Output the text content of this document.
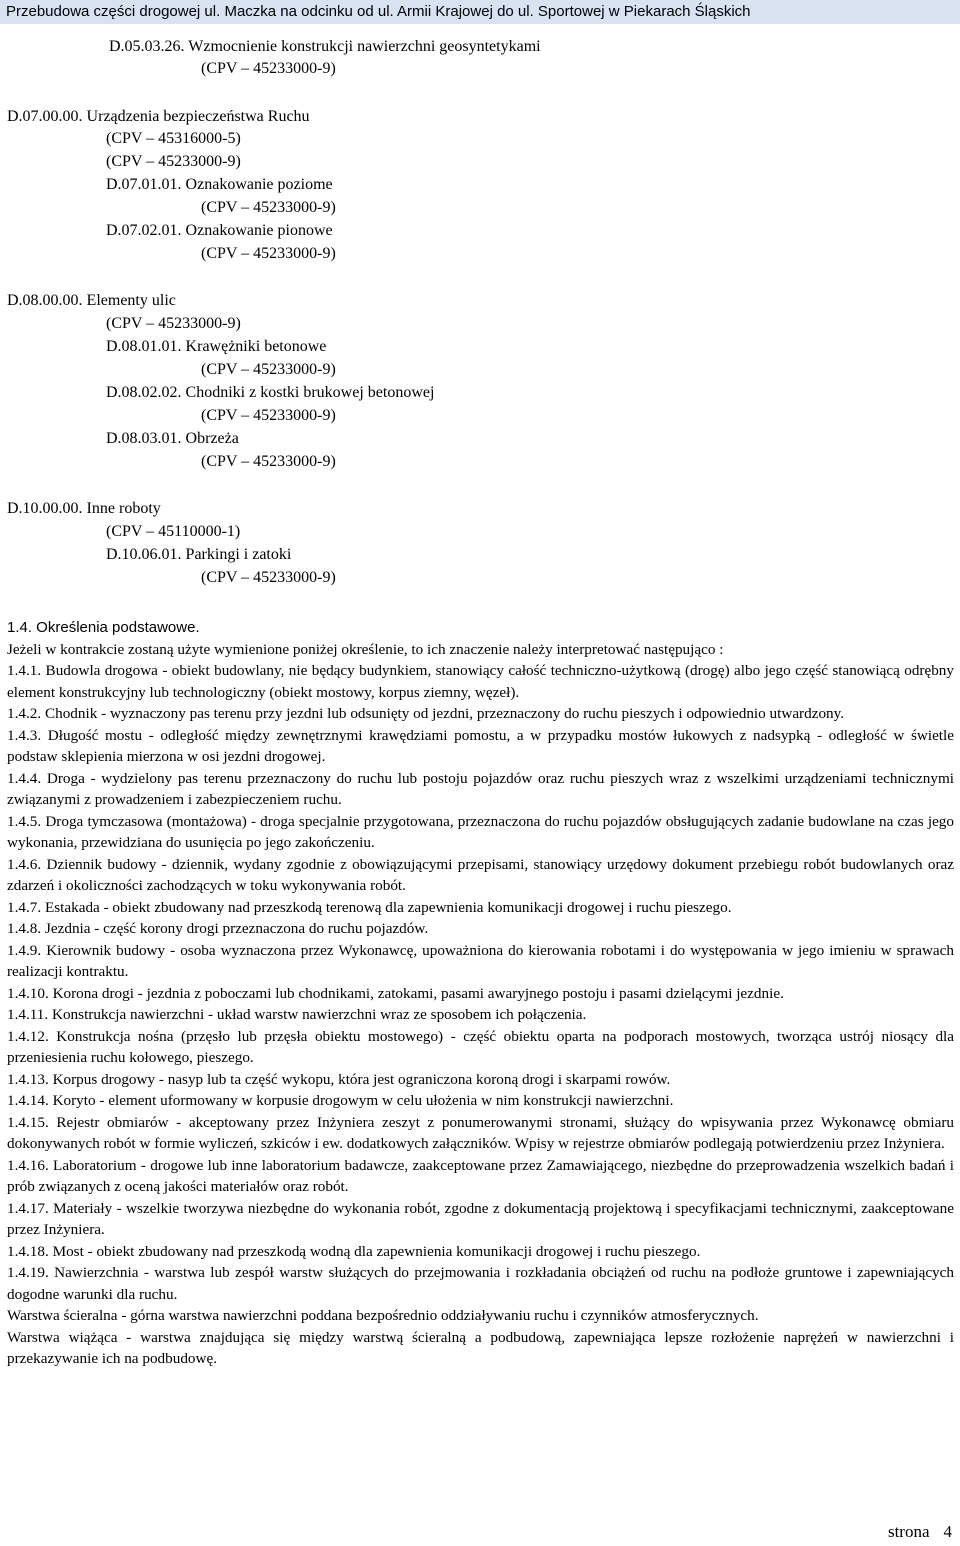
Przebudowa części drogowej ul. Maczka na odcinku od ul. Armii Krajowej do ul. Sportowej w Piekarach Śląskich
D.05.03.26. Wzmocnienie konstrukcji nawierzchni geosyntetykami
(CPV – 45233000-9)
D.07.00.00. Urządzenia bezpieczeństwa Ruchu
(CPV – 45316000-5)
(CPV – 45233000-9)
D.07.01.01. Oznakowanie poziome
(CPV – 45233000-9)
D.07.02.01. Oznakowanie pionowe
(CPV – 45233000-9)
D.08.00.00. Elementy ulic
(CPV – 45233000-9)
D.08.01.01. Krawężniki betonowe
(CPV – 45233000-9)
D.08.02.02. Chodniki z kostki brukowej betonowej
(CPV – 45233000-9)
D.08.03.01. Obrzeża
(CPV – 45233000-9)
D.10.00.00. Inne roboty
(CPV – 45110000-1)
D.10.06.01. Parkingi i zatoki
(CPV – 45233000-9)

1.4. Określenia podstawowe.

Jeżeli w kontrakcie zostaną użyte wymienione poniżej określenie, to ich znaczenie należy interpretować następująco :

1.4.1. Budowla drogowa - obiekt budowlany, nie będący budynkiem, stanowiący całość techniczno-użytkową (drogę) albo jego część stanowiącą odrębny element konstrukcyjny lub technologiczny (obiekt mostowy, korpus ziemny, węzeł).

1.4.2. Chodnik - wyznaczony pas terenu przy jezdni lub odsunięty od jezdni, przeznaczony do ruchu pieszych i odpowiednio utwardzony.

1.4.3. Długość mostu - odległość między zewnętrznymi krawędziami pomostu, a w przypadku mostów łukowych z nadsypką - odległość w świetle podstaw sklepienia mierzona w osi jezdni drogowej.

1.4.4. Droga - wydzielony pas terenu przeznaczony do ruchu lub postoju pojazdów oraz ruchu pieszych wraz z wszelkimi urządzeniami technicznymi związanymi z prowadzeniem i zabezpieczeniem ruchu.

1.4.5. Droga tymczasowa (montażowa) - droga specjalnie przygotowana, przeznaczona do ruchu pojazdów obsługujących zadanie budowlane na czas jego wykonania, przewidziana do usunięcia po jego zakończeniu.

1.4.6. Dziennik budowy - dziennik, wydany zgodnie z obowiązującymi przepisami, stanowiący urzędowy dokument przebiegu robót budowlanych oraz zdarzeń i okoliczności zachodzących w toku wykonywania robót.

1.4.7. Estakada - obiekt zbudowany nad przeszkodą terenową dla zapewnienia komunikacji drogowej i ruchu pieszego.

1.4.8. Jezdnia - część korony drogi przeznaczona do ruchu pojazdów.

1.4.9. Kierownik budowy - osoba wyznaczona przez Wykonawcę, upoważniona do kierowania robotami i do występowania w jego imieniu w sprawach realizacji kontraktu.

1.4.10. Korona drogi - jezdnia z poboczami lub chodnikami, zatokami, pasami awaryjnego postoju i pasami dzielącymi jezdnie.

1.4.11. Konstrukcja nawierzchni - układ warstw nawierzchni wraz ze sposobem ich połączenia.

1.4.12. Konstrukcja nośna (przęsło lub przęsła obiektu mostowego) - część obiektu oparta na podporach mostowych, tworząca ustrój niosący dla przeniesienia ruchu kołowego, pieszego.

1.4.13. Korpus drogowy - nasyp lub ta część wykopu, która jest ograniczona koroną drogi i skarpami rowów.

1.4.14. Koryto - element uformowany w korpusie drogowym w celu ułożenia w nim konstrukcji nawierzchni.

1.4.15. Rejestr obmiarów - akceptowany przez Inżyniera zeszyt z ponumerowanymi stronami, służący do wpisywania przez Wykonawcę obmiaru dokonywanych robót w formie wyliczeń, szkiców i ew. dodatkowych załączników. Wpisy w rejestrze obmiarów podlegają potwierdzeniu przez Inżyniera.

1.4.16. Laboratorium - drogowe lub inne laboratorium badawcze, zaakceptowane przez Zamawiającego, niezbędne do przeprowadzenia wszelkich badań i prób związanych z oceną jakości materiałów oraz robót.

1.4.17. Materiały - wszelkie tworzywa niezbędne do wykonania robót, zgodne z dokumentacją projektową i specyfikacjami technicznymi, zaakceptowane przez Inżyniera.

1.4.18. Most - obiekt zbudowany nad przeszkodą wodną dla zapewnienia komunikacji drogowej i ruchu pieszego.

1.4.19. Nawierzchnia - warstwa lub zespół warstw służących do przejmowania i rozkładania obciążeń od ruchu na podłoże gruntowe i zapewniających dogodne warunki dla ruchu.

Warstwa ścieralna - górna warstwa nawierzchni poddana bezpośrednio oddziaływaniu ruchu i czynników atmosferycznych.

Warstwa wiążąca - warstwa znajdująca się między warstwą ścieralną a podbudową, zapewniająca lepsze rozłożenie naprężeń w nawierzchni i przekazywanie ich na podbudowę.

strona 4
